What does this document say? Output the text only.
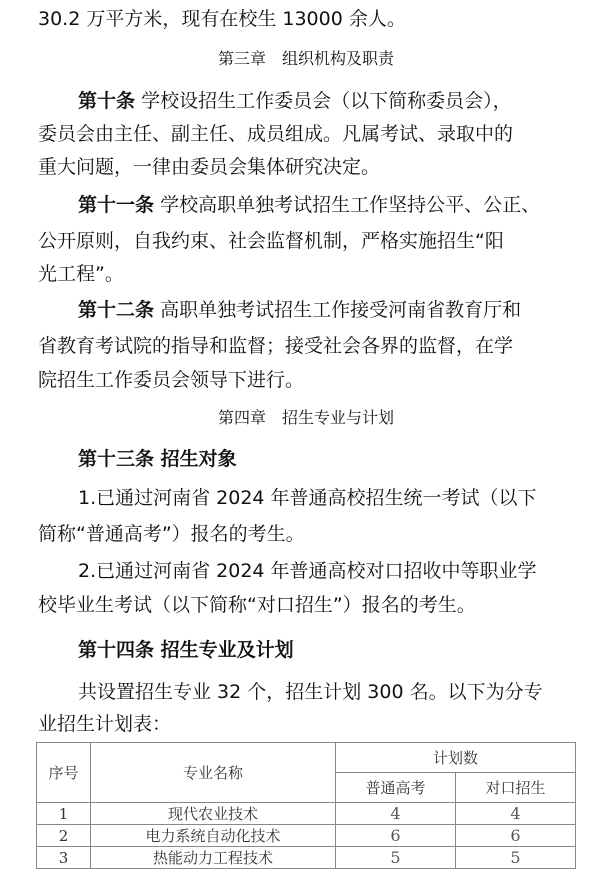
30.2 万平方米，现有在校生 13000 余人。
第三章　组织机构及职责
第十条 学校设招生工作委员会（以下简称委员会），
委员会由主任、副主任、成员组成。凡属考试、录取中的
重大问题，一律由委员会集体研究决定。
第十一条 学校高职单独考试招生工作坚持公平、公正、
公开原则，自我约束、社会监督机制，严格实施招生“阳
光工程”。
第十二条 高职单独考试招生工作接受河南省教育厅和
省教育考试院的指导和监督；接受社会各界的监督，在学
院招生工作委员会领导下进行。
第四章　招生专业与计划
第十三条 招生对象
1.已通过河南省 2024 年普通高校招生统一考试（以下
简称“普通高考”）报名的考生。
2.已通过河南省 2024 年普通高校对口招收中等职业学
校毕业生考试（以下简称“对口招生”）报名的考生。
第十四条 招生专业及计划
共设置招生专业 32 个，招生计划 300 名。以下为分专
业招生计划表：
序号	专业名称	计划数	
		普通高考	对口招生
1	现代农业技术	4	4
2	电力系统自动化技术	6	6
3	热能动力工程技术	5	5
